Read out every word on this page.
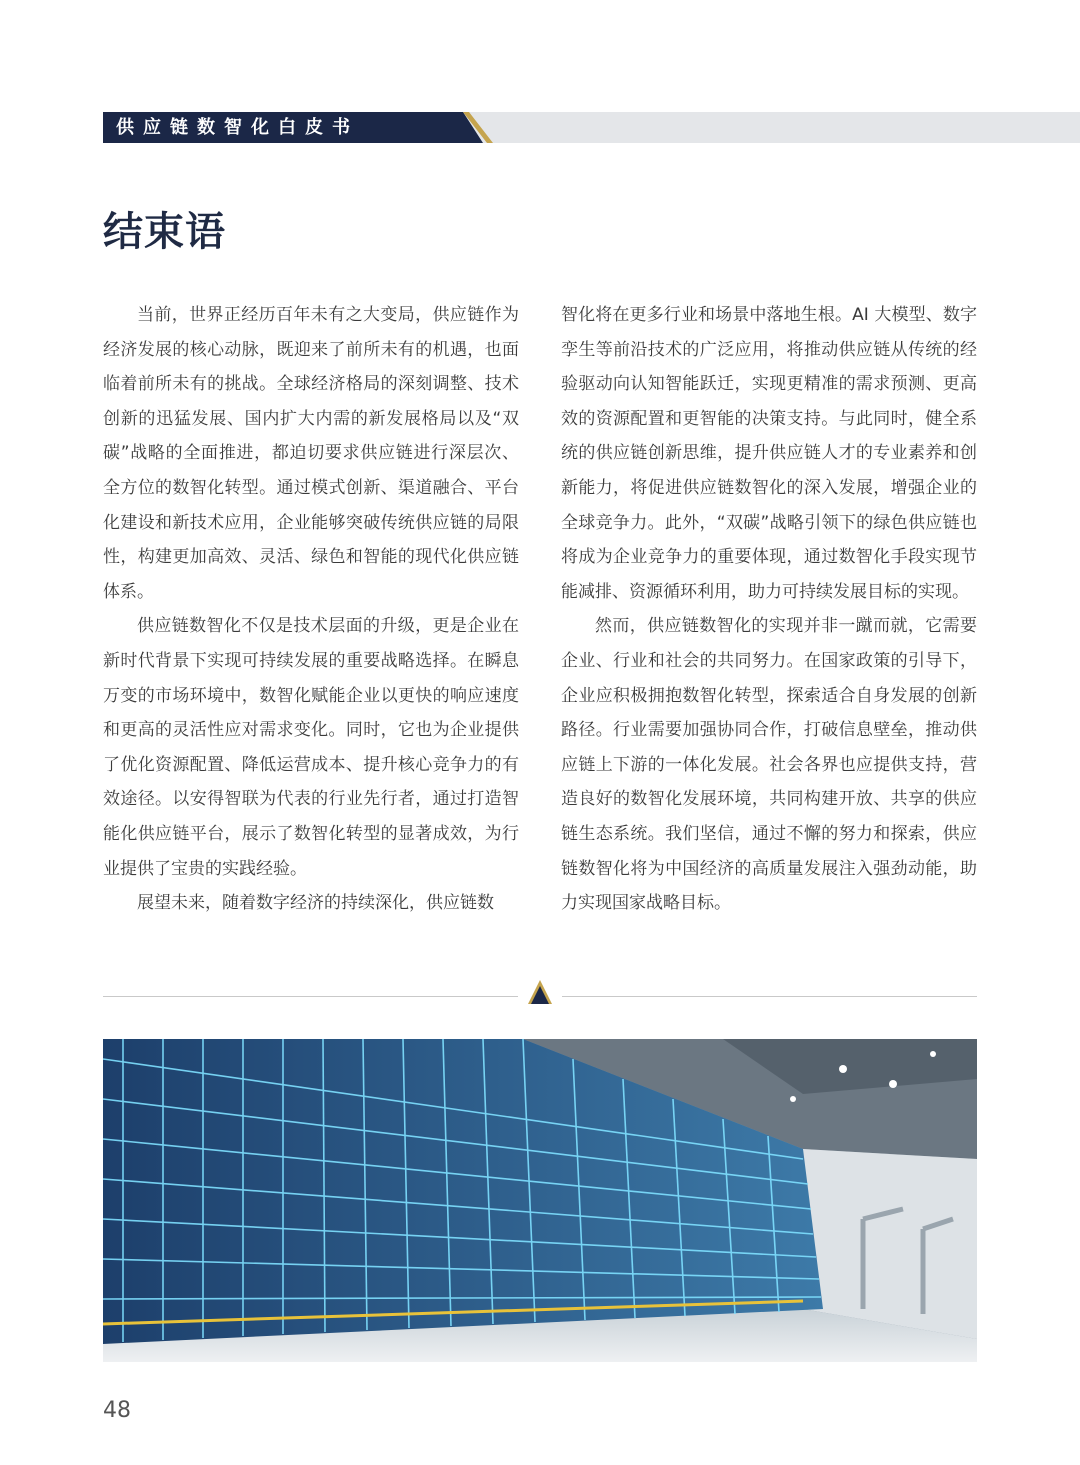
供应链数智化白皮书
结束语

当前，世界正经历百年未有之大变局，供应链作为经济发展的核心动脉，既迎来了前所未有的机遇，也面临着前所未有的挑战。全球经济格局的深刻调整、技术创新的迅猛发展、国内扩大内需的新发展格局以及“双碳”战略的全面推进，都迫切要求供应链进行深层次、全方位的数智化转型。通过模式创新、渠道融合、平台化建设和新技术应用，企业能够突破传统供应链的局限性，构建更加高效、灵活、绿色和智能的现代化供应链体系。

供应链数智化不仅是技术层面的升级，更是企业在新时代背景下实现可持续发展的重要战略选择。在瞬息万变的市场环境中，数智化赋能企业以更快的响应速度和更高的灵活性应对需求变化。同时，它也为企业提供了优化资源配置、降低运营成本、提升核心竞争力的有效途径。以安得智联为代表的行业先行者，通过打造智能化供应链平台，展示了数智化转型的显著成效，为行业提供了宝贵的实践经验。

展望未来，随着数字经济的持续深化，供应链数

智化将在更多行业和场景中落地生根。AI 大模型、数字孪生等前沿技术的广泛应用，将推动供应链从传统的经验驱动向认知智能跃迁，实现更精准的需求预测、更高效的资源配置和更智能的决策支持。与此同时，健全系统的供应链创新思维，提升供应链人才的专业素养和创新能力，将促进供应链数智化的深入发展，增强企业的全球竞争力。此外，“双碳”战略引领下的绿色供应链也将成为企业竞争力的重要体现，通过数智化手段实现节能减排、资源循环利用，助力可持续发展目标的实现。

然而，供应链数智化的实现并非一蹴而就，它需要企业、行业和社会的共同努力。在国家政策的引导下，企业应积极拥抱数智化转型，探索适合自身发展的创新路径。行业需要加强协同合作，打破信息壁垒，推动供应链上下游的一体化发展。社会各界也应提供支持，营造良好的数智化发展环境，共同构建开放、共享的供应链生态系统。我们坚信，通过不懈的努力和探索，供应链数智化将为中国经济的高质量发展注入强劲动能，助力实现国家战略目标。

48
